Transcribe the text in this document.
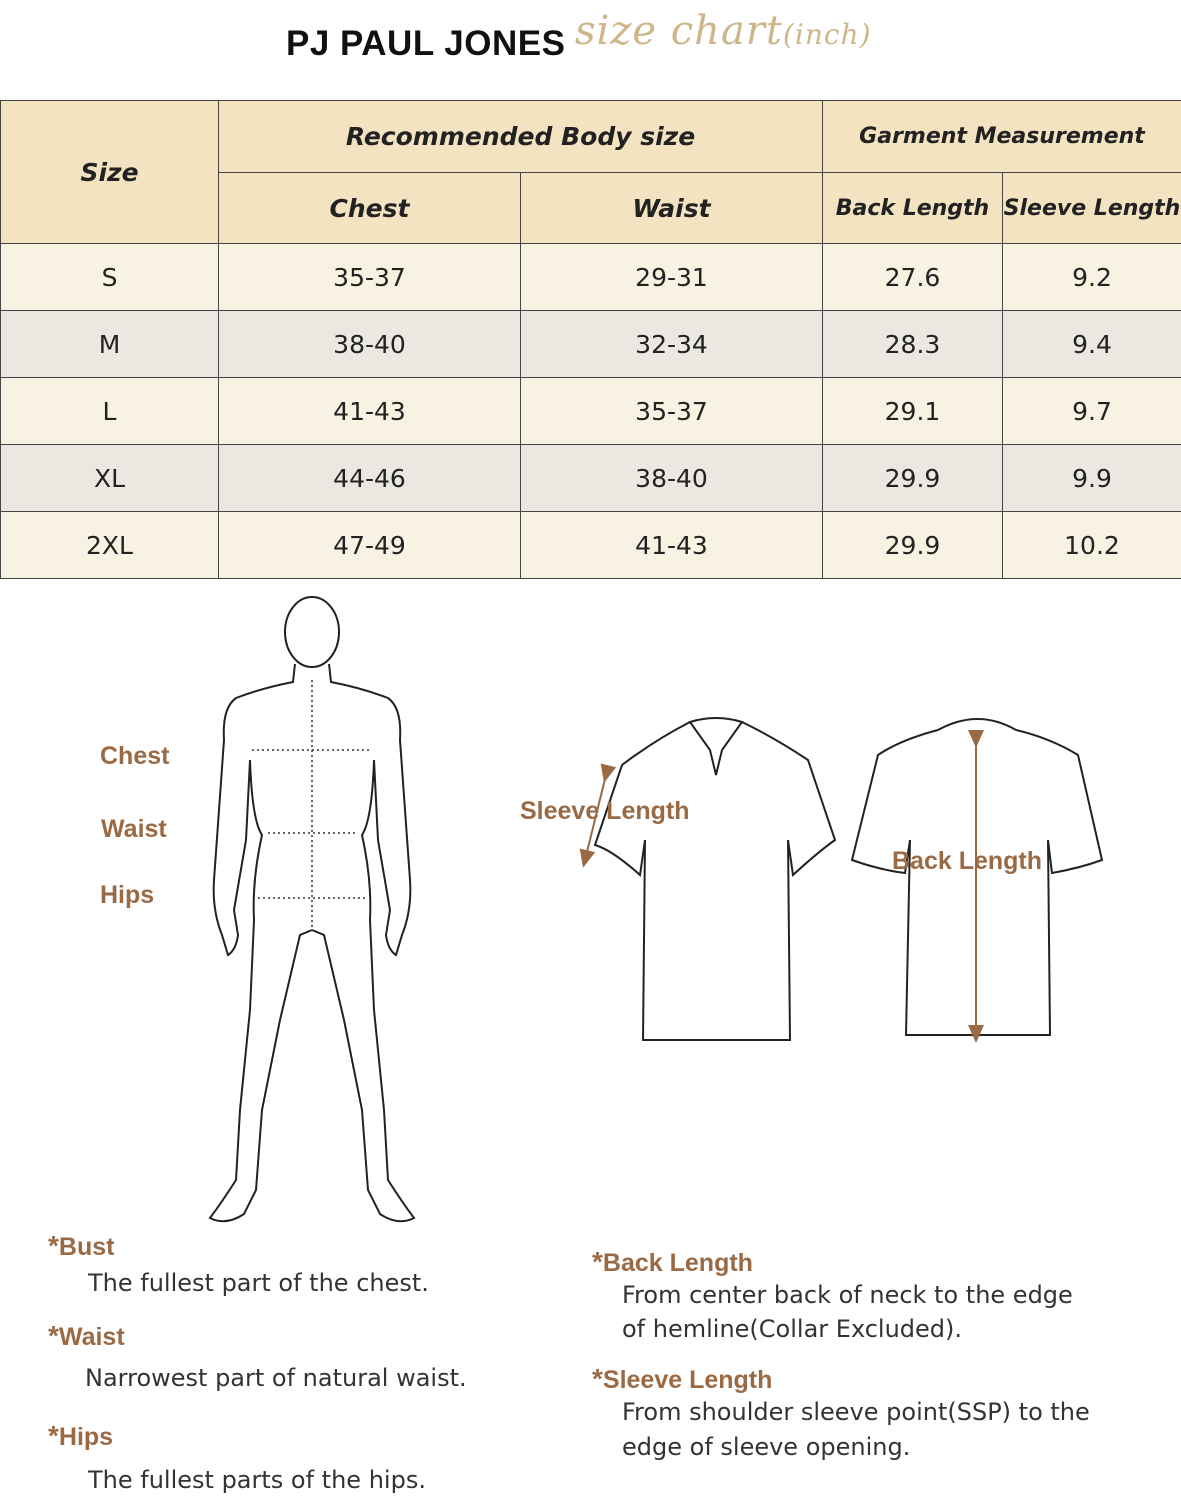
PJ PAUL JONES size chart(inch)
Size	Recommended Body size		Garment Measurement	
	Chest	Waist	Back Length	Sleeve Length
S	35-37	29-31	27.6	9.2
M	38-40	32-34	28.3	9.4
L	41-43	35-37	29.1	9.7
XL	44-46	38-40	29.9	9.9
2XL	47-49	41-43	29.9	10.2
Chest
Waist
Hips
Sleeve Length
Back Length
*Bust
The fullest part of the chest.
*Waist
Narrowest part of natural waist.
*Hips
The fullest parts of the hips.
*Back Length
From center back of neck to the edge
of hemline(Collar Excluded).
*Sleeve Length
From shoulder sleeve point(SSP) to the
edge of sleeve opening.
